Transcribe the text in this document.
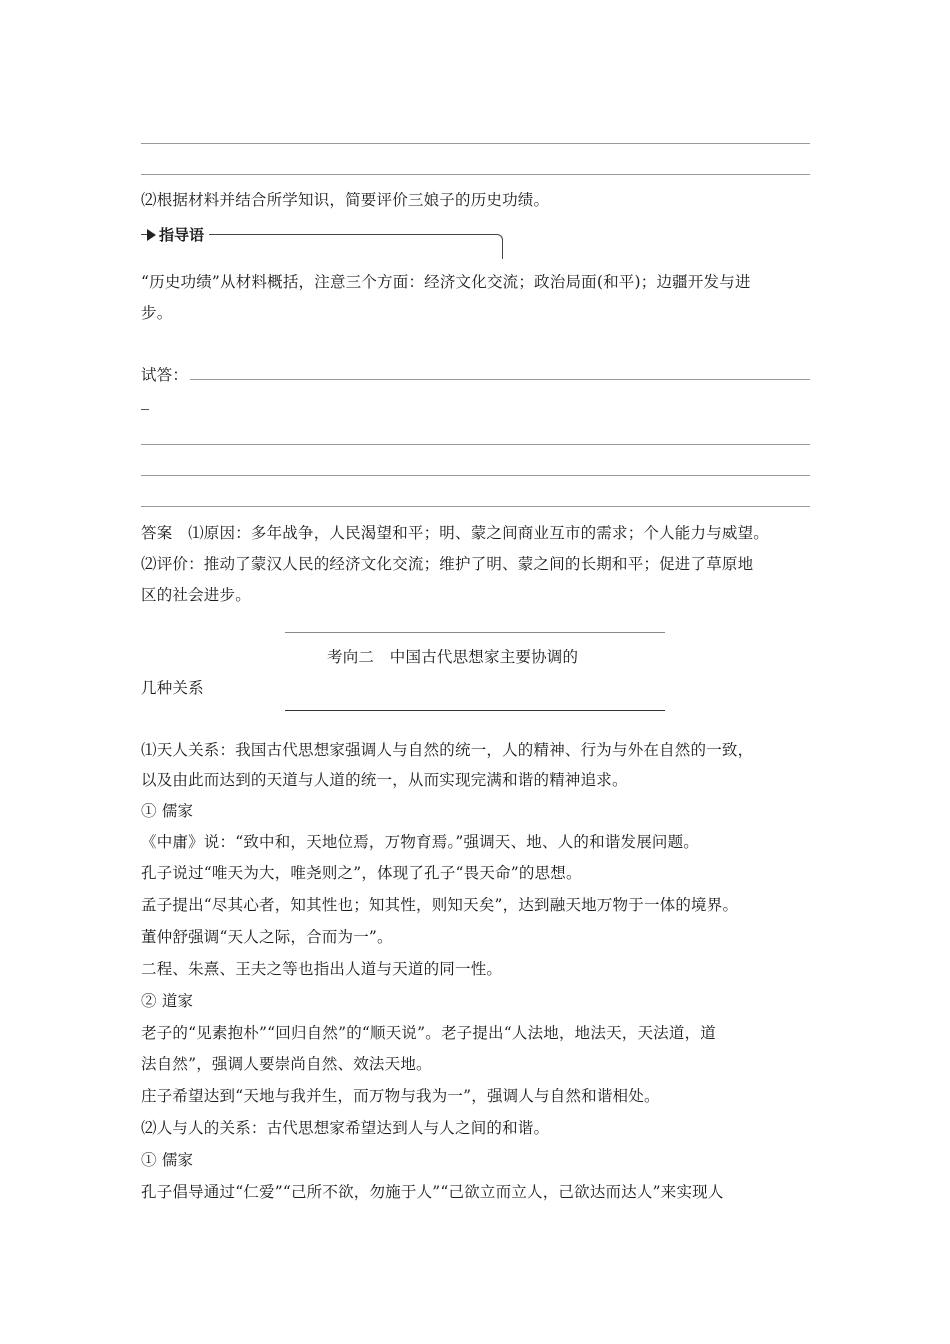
⑵根据材料并结合所学知识，简要评价三娘子的历史功绩。
指导语
“历史功绩”从材料概括，注意三个方面：经济文化交流；政治局面(和平)；边疆开发与进
步。
试答：
答案　⑴原因：多年战争，人民渴望和平；明、蒙之间商业互市的需求；个人能力与威望。
⑵评价：推动了蒙汉人民的经济文化交流；维护了明、蒙之间的长期和平；促进了草原地
区的社会进步。
考向二　中国古代思想家主要协调的
几种关系
⑴天人关系：我国古代思想家强调人与自然的统一，人的精神、行为与外在自然的一致，
以及由此而达到的天道与人道的统一，从而实现完满和谐的精神追求。
① 儒家
《中庸》说：“致中和，天地位焉，万物育焉。”强调天、地、人的和谐发展问题。
孔子说过“唯天为大，唯尧则之”，体现了孔子“畏天命”的思想。
孟子提出“尽其心者，知其性也；知其性，则知天矣”，达到融天地万物于一体的境界。
董仲舒强调“天人之际，合而为一”。
二程、朱熹、王夫之等也指出人道与天道的同一性。
② 道家
老子的“见素抱朴”“回归自然”的“顺天说”。老子提出“人法地，地法天，天法道，道
法自然”，强调人要崇尚自然、效法天地。
庄子希望达到“天地与我并生，而万物与我为一”，强调人与自然和谐相处。
⑵人与人的关系：古代思想家希望达到人与人之间的和谐。
① 儒家
孔子倡导通过“仁爱”“己所不欲，勿施于人”“己欲立而立人，己欲达而达人”来实现人
